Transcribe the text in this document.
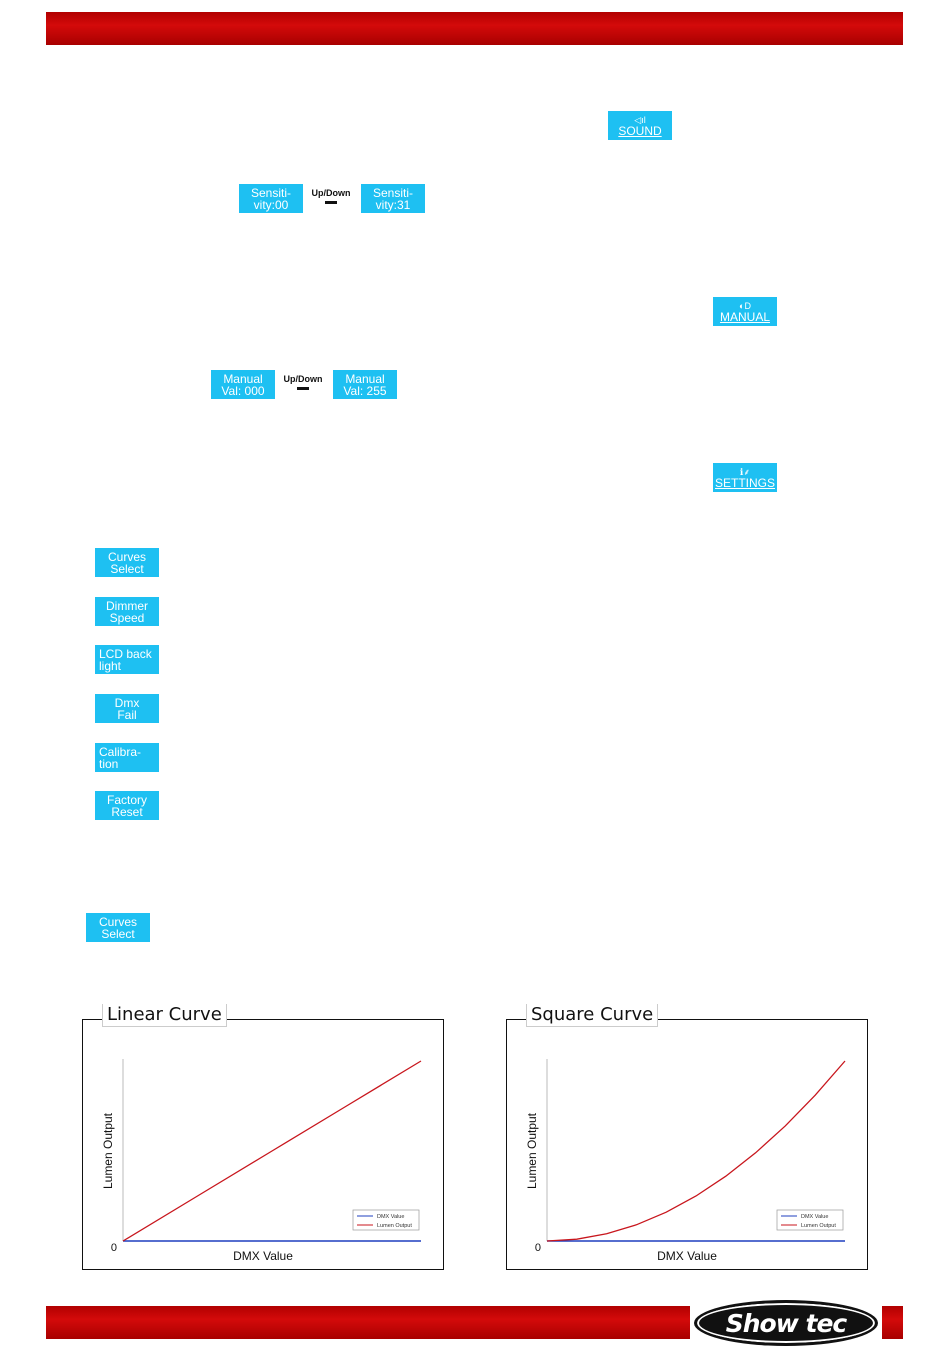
◁ıl
SOUND
Sensiti-
vity:00
Up/Down	Sensiti-
vity:31
◐D
MANUAL
Manual
Val: 000
Up/Down	Manual
Val: 255
ℹ⸙
SETTINGS
Curves
Select
Dimmer
Speed
LCD back
light
Dmx
Fail
Calibra-
tion
Factory
Reset
Curves
Select
0
DMX Value
Lumen Output
DMX Value
Lumen Output
Linear Curve
0
DMX Value
Lumen Output
DMX Value
Lumen Output
Square Curve
Show tec
